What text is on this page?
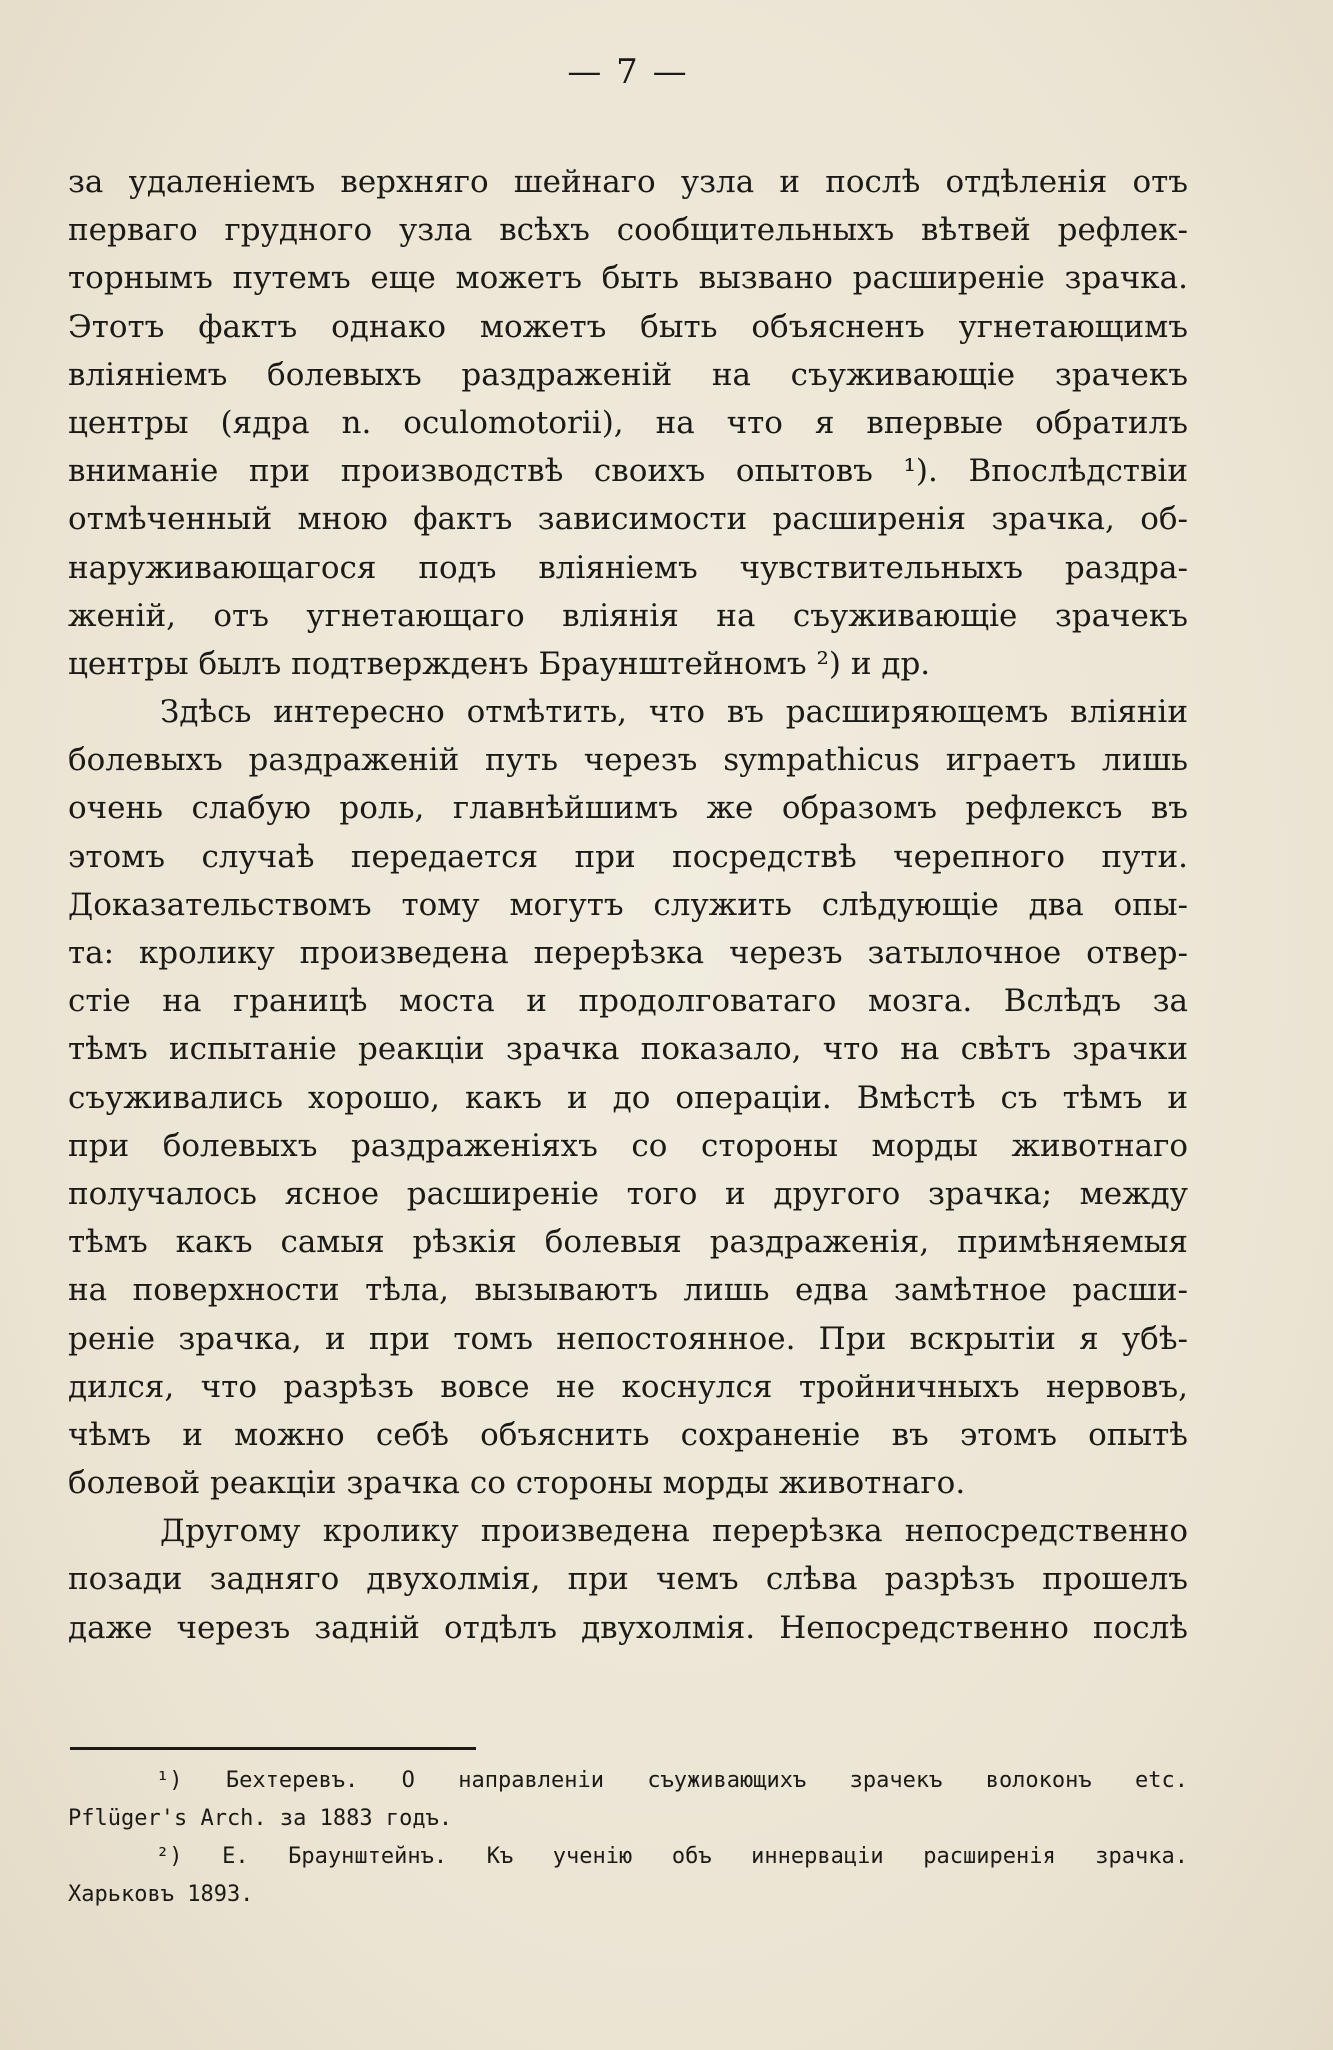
— 7 —
за удаленіемъ верхняго шейнаго узла и послѣ отдѣленія отъ
перваго грудного узла всѣхъ сообщительныхъ вѣтвей рефлек-
торнымъ путемъ еще можетъ быть вызвано расширеніе зрачка.
Этотъ фактъ однако можетъ быть объясненъ угнетающимъ
вліяніемъ болевыхъ раздраженій на съуживающіе зрачекъ
центры (ядра n. oculomotorii), на что я впервые обратилъ
вниманіе при производствѣ своихъ опытовъ ¹). Впослѣдствіи
отмѣченный мною фактъ зависимости расширенія зрачка, об-
наруживающагося подъ вліяніемъ чувствительныхъ раздра-
женій, отъ угнетающаго вліянія на съуживающіе зрачекъ
центры былъ подтвержденъ Браунштейномъ ²) и др.
Здѣсь интересно отмѣтить, что въ расширяющемъ вліяніи
болевыхъ раздраженій путь черезъ sympathicus играетъ лишь
очень слабую роль, главнѣйшимъ же образомъ рефлексъ въ
этомъ случаѣ передается при посредствѣ черепного пути.
Доказательствомъ тому могутъ служить слѣдующіе два опы-
та: кролику произведена перерѣзка черезъ затылочное отвер-
стіе на границѣ моста и продолговатаго мозга. Вслѣдъ за
тѣмъ испытаніе реакціи зрачка показало, что на свѣтъ зрачки
съуживались хорошо, какъ и до операціи. Вмѣстѣ съ тѣмъ и
при болевыхъ раздраженіяхъ со стороны морды животнаго
получалось ясное расширеніе того и другого зрачка; между
тѣмъ какъ самыя рѣзкія болевыя раздраженія, примѣняемыя
на поверхности тѣла, вызываютъ лишь едва замѣтное расши-
реніе зрачка, и при томъ непостоянное. При вскрытіи я убѣ-
дился, что разрѣзъ вовсе не коснулся тройничныхъ нервовъ,
чѣмъ и можно себѣ объяснить сохраненіе въ этомъ опытѣ
болевой реакціи зрачка со стороны морды животнаго.
Другому кролику произведена перерѣзка непосредственно
позади задняго двухолмія, при чемъ слѣва разрѣзъ прошелъ
даже черезъ задній отдѣлъ двухолмія. Непосредственно послѣ
¹) Бехтеревъ. О направленіи съуживающихъ зрачекъ волоконъ etc.
Pflüger's Arch. за 1883 годъ.
²) Е. Браунштейнъ. Къ ученію объ иннерваціи расширенія зрачка.
Харьковъ 1893.
